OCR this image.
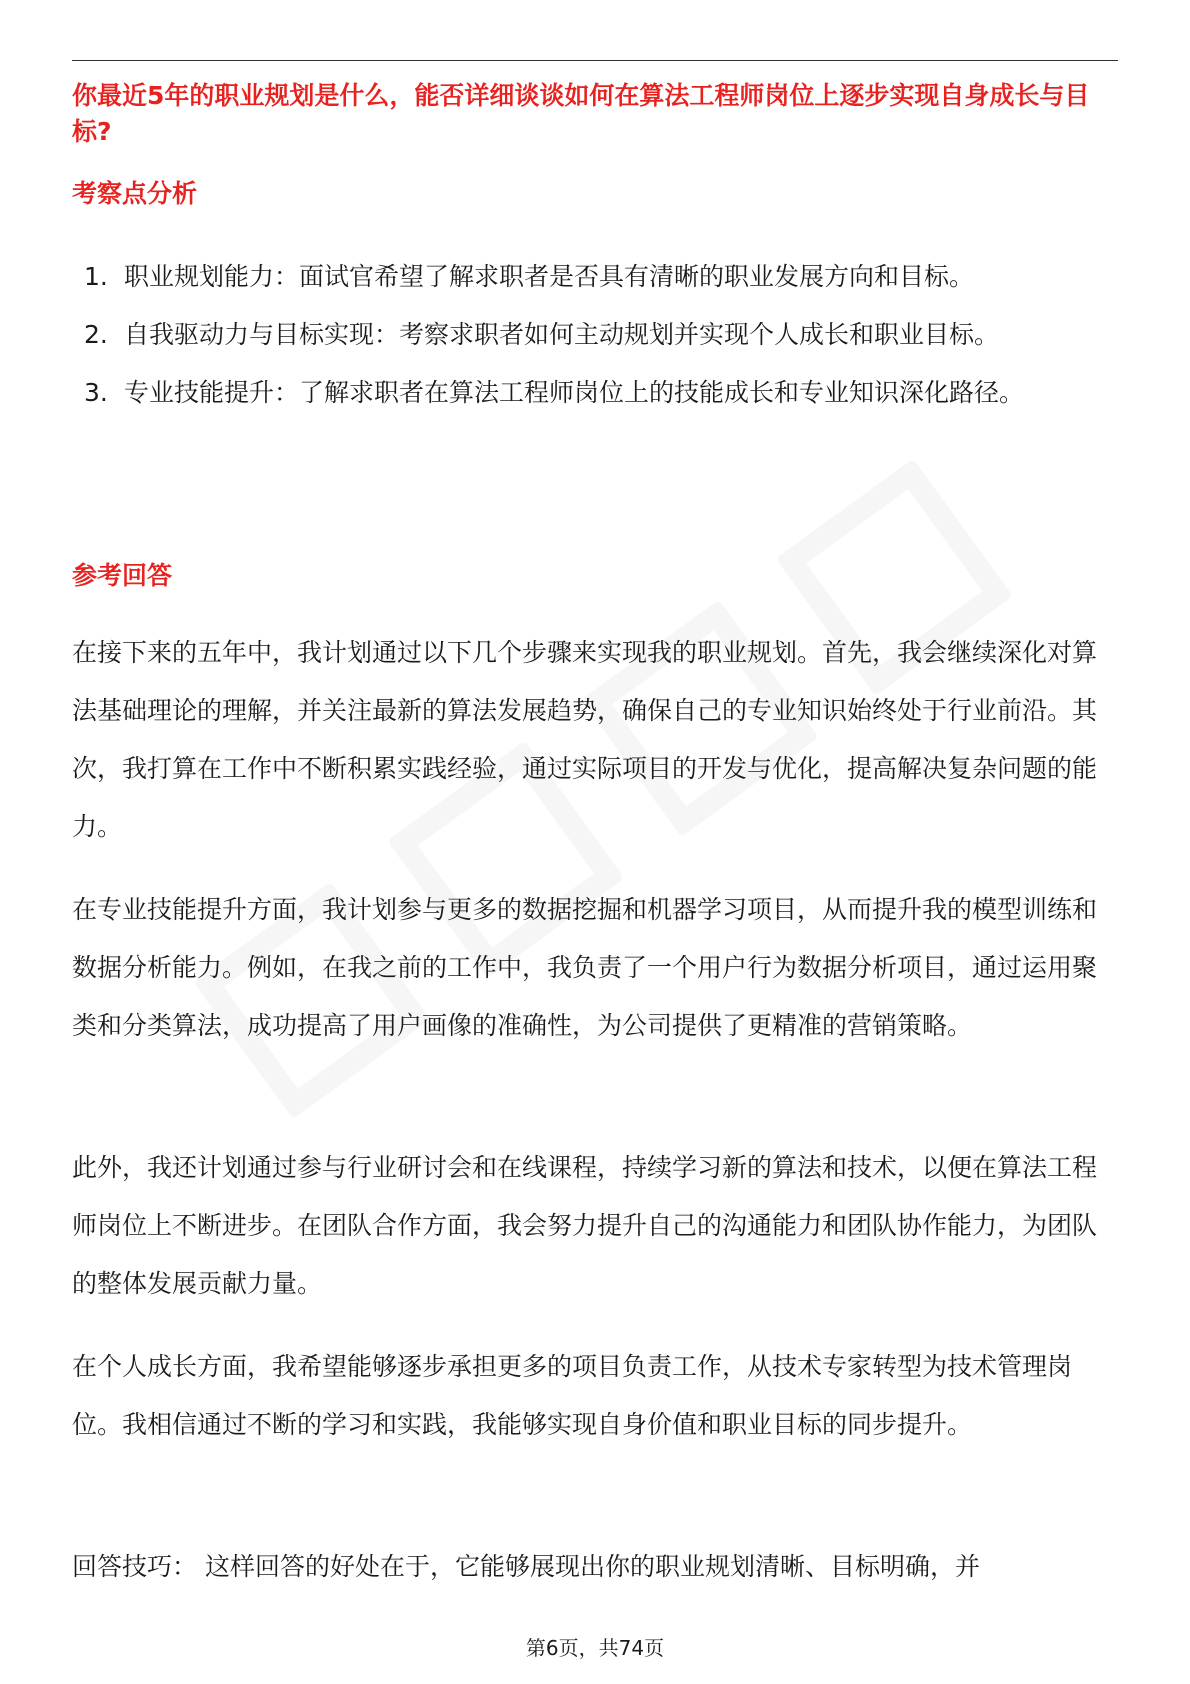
你最近5年的职业规划是什么，能否详细谈谈如何在算法工程师岗位上逐步实现自身成长与目标?
考察点分析
1. 职业规划能力：面试官希望了解求职者是否具有清晰的职业发展方向和目标。
2. 自我驱动力与目标实现：考察求职者如何主动规划并实现个人成长和职业目标。
3. 专业技能提升：了解求职者在算法工程师岗位上的技能成长和专业知识深化路径。
参考回答

在接下来的五年中，我计划通过以下几个步骤来实现我的职业规划。首先，我会继续深化对算法基础理论的理解，并关注最新的算法发展趋势，确保自己的专业知识始终处于行业前沿。其次，我打算在工作中不断积累实践经验，通过实际项目的开发与优化，提高解决复杂问题的能力。

在专业技能提升方面，我计划参与更多的数据挖掘和机器学习项目，从而提升我的模型训练和数据分析能力。例如，在我之前的工作中，我负责了一个用户行为数据分析项目，通过运用聚类和分类算法，成功提高了用户画像的准确性，为公司提供了更精准的营销策略。

此外，我还计划通过参与行业研讨会和在线课程，持续学习新的算法和技术，以便在算法工程师岗位上不断进步。在团队合作方面，我会努力提升自己的沟通能力和团队协作能力，为团队的整体发展贡献力量。

在个人成长方面，我希望能够逐步承担更多的项目负责工作，从技术专家转型为技术管理岗位。我相信通过不断的学习和实践，我能够实现自身价值和职业目标的同步提升。

回答技巧： 这样回答的好处在于，它能够展现出你的职业规划清晰、目标明确，并

第6页，共74页
